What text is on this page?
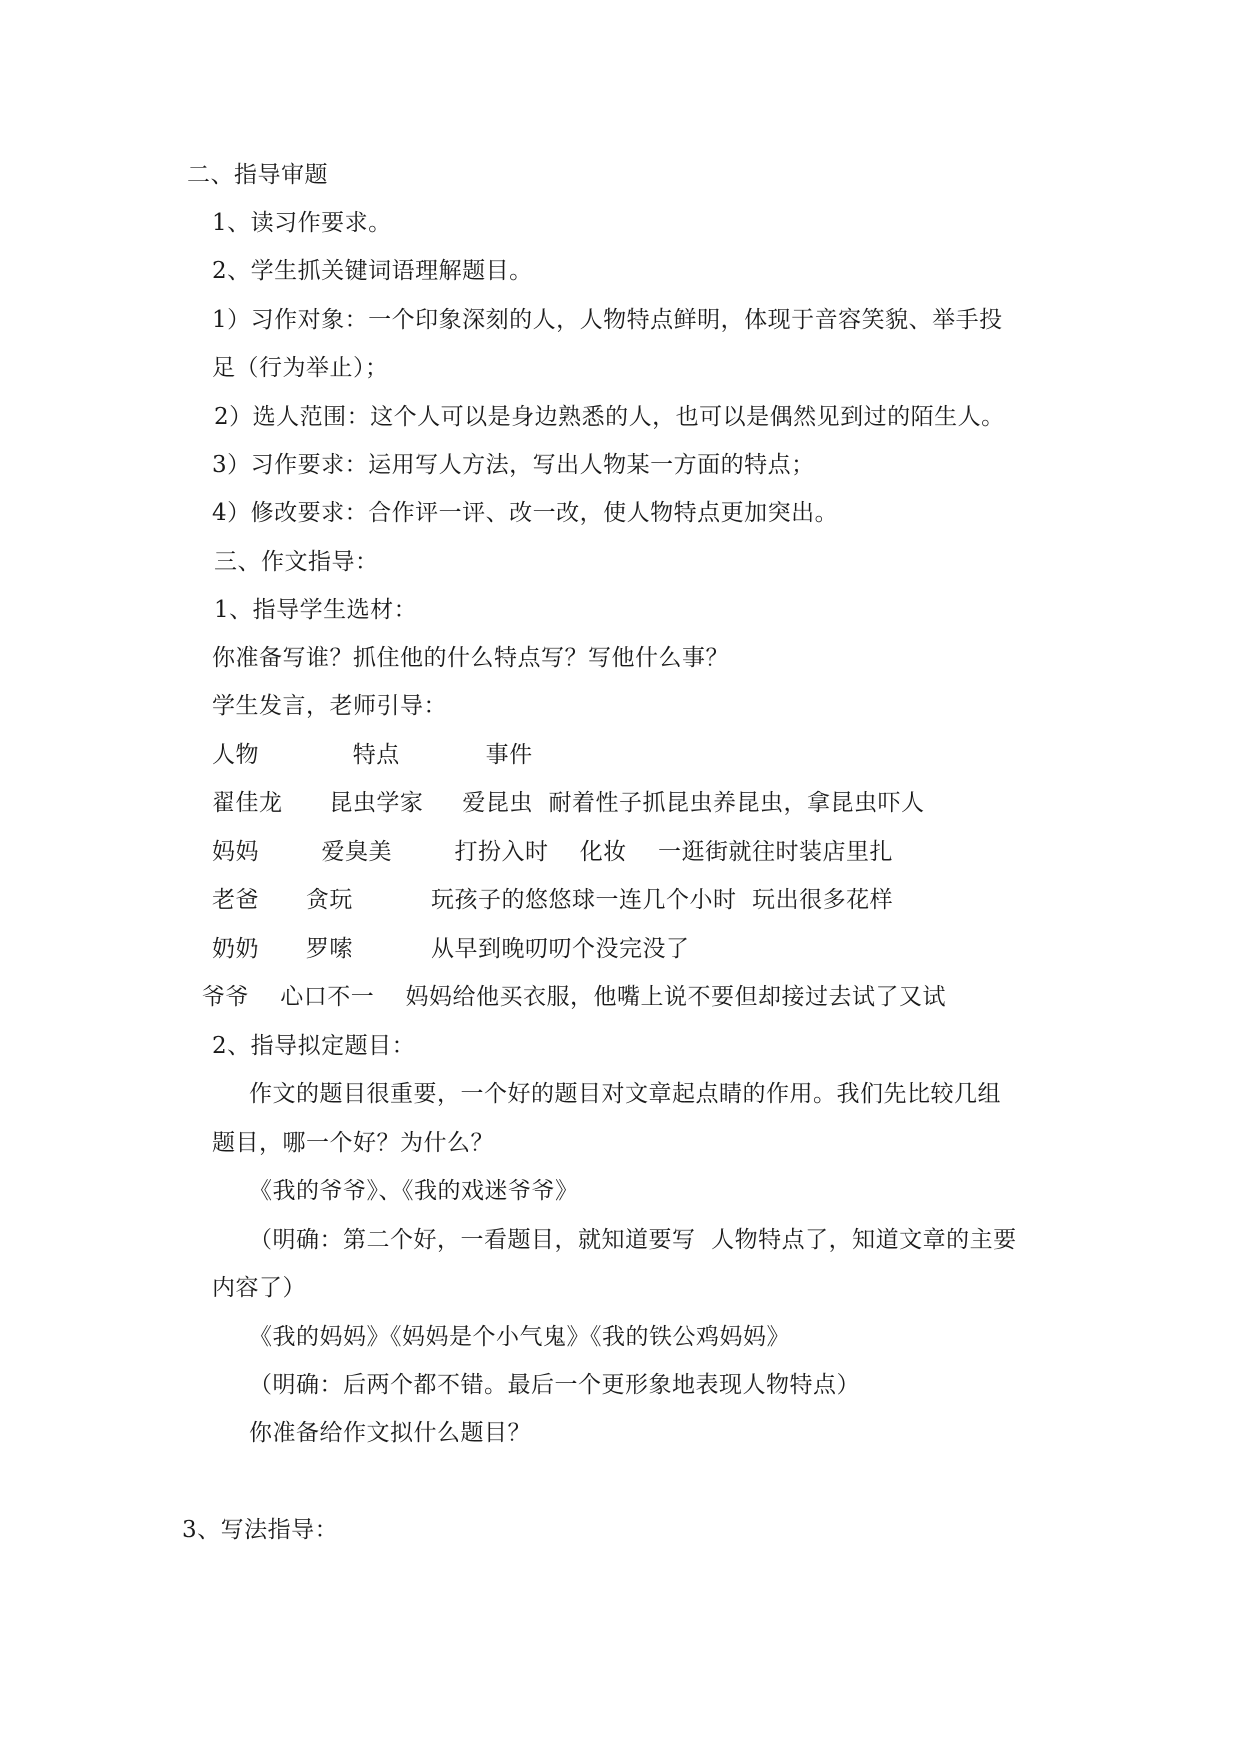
二、指导审题
1、读习作要求。
2、学生抓关键词语理解题目。
1）习作对象：一个印象深刻的人，人物特点鲜明，体现于音容笑貌、举手投
足（行为举止）；
2）选人范围：这个人可以是身边熟悉的人，也可以是偶然见到过的陌生人。
3）习作要求：运用写人方法，写出人物某一方面的特点；
4）修改要求：合作评一评、改一改，使人物特点更加突出。
三、作文指导：
1、指导学生选材：
你准备写谁？抓住他的什么特点写？写他什么事？
学生发言，老师引导：
人物            特点           事件
翟佳龙      昆虫学家     爱昆虫  耐着性子抓昆虫养昆虫，拿昆虫吓人
妈妈        爱臭美        打扮入时    化妆    一逛街就往时装店里扎
老爸      贪玩          玩孩子的悠悠球一连几个小时  玩出很多花样
奶奶      罗嗦          从早到晚叨叨个没完没了
爷爷    心口不一    妈妈给他买衣服，他嘴上说不要但却接过去试了又试
2、指导拟定题目：
作文的题目很重要，一个好的题目对文章起点睛的作用。我们先比较几组
题目，哪一个好？为什么？
《我的爷爷》、《我的戏迷爷爷》
（明确：第二个好，一看题目，就知道要写  人物特点了，知道文章的主要
内容了）
《我的妈妈》《妈妈是个小气鬼》《我的铁公鸡妈妈》
（明确：后两个都不错。最后一个更形象地表现人物特点）
你准备给作文拟什么题目？
3、写法指导：
